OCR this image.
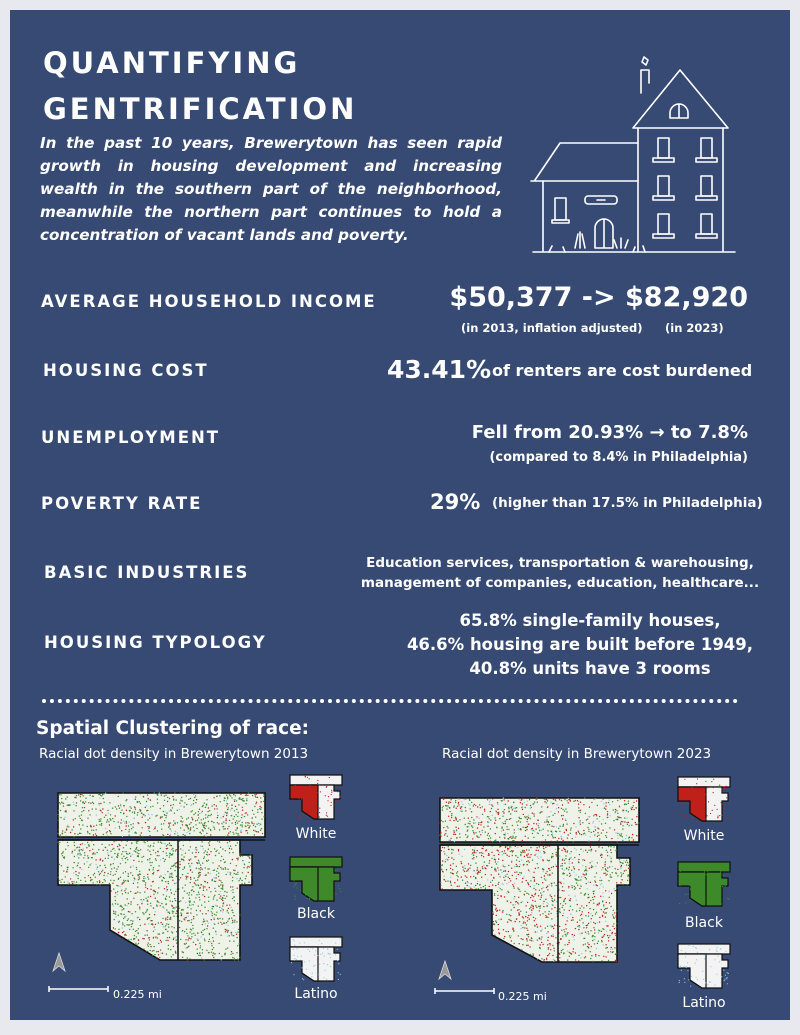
QUANTIFYING
GENTRIFICATION
In the past 10 years, Brewerytown has seen rapid growth in housing development and increasing wealth in the southern part of the neighborhood, meanwhile the northern part continues to hold a concentration of vacant lands and poverty.
AVERAGE HOUSEHOLD INCOME	$50,377 -> $82,920
(in 2013, inflation adjusted) (in 2023)
HOUSING COST	43.41% of renters are cost burdened
UNEMPLOYMENT	Fell from 20.93% → to 7.8%
(compared to 8.4% in Philadelphia)
POVERTY RATE	29% (higher than 17.5% in Philadelphia)
BASIC INDUSTRIES	Education services, transportation & warehousing,
management of companies, education, healthcare...
HOUSING TYPOLOGY
65.8% single-family houses,
46.6% housing are built before 1949,
40.8% units have 3 rooms
Spatial Clustering of race:
Racial dot density in Brewerytown 2013	Racial dot density in Brewerytown 2023
0.225 mi	0.225 mi
White
Black
Latino
White
Black
Latino
